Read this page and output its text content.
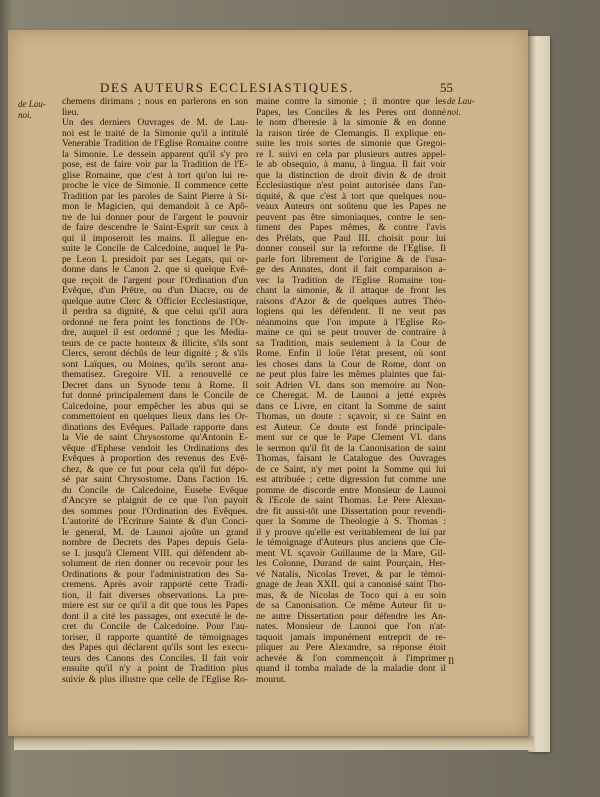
DES AUTEURS ECCLESIASTIQUES.	55
de Lau-
noi.
de Lau-
noi.
chemens dirimans ; nous en parlerons en son
lieu.
Un des derniers Ouvrages de M. de Lau-
noi est le traité de la Simonie qu'il a intitulé
Venerable Tradition de l'Eglise Romaine contre
la Simonie. Le dessein apparent qu'il s'y pro
pose, est de faire voir par la Tradition de l'E-
glise Romaine, que c'est à tort qu'on lui re-
proche le vice de Simonie. Il commence cette
Tradition par les paroles de Saint Pierre à Si-
mon le Magicien, qui demandoit à ce Apô-
tre de lui donner pour de l'argent le pouvoir
de faire descendre le Saint-Esprit sur ceux à
qui il imposeroit les mains. Il allegue en-
suite le Concile de Calcedoine, auquel le Pa-
pe Leon I. presidoit par ses Legats, qui or-
donne dans le Canon 2. que si quelque Evê-
que reçoit de l'argent pour l'Ordination d'un
Evêque, d'un Prêtre, ou d'un Diacre, ou de
quelque autre Clerc & Officier Ecclesiastique,
il perdra sa dignité, & que celui qu'il aura
ordonné ne fera point les fonctions de l'Or-
dre, auquel il est ordonné ; que les Media-
teurs de ce pacte honteux & illicite, s'ils sont
Clercs, seront déchûs de leur dignité ; & s'ils
sont Laïques, ou Moines, qu'ils seront ana-
thematisez. Gregoire VII. a renouvellé ce
Decret dans un Synode tenu à Rome. Il
fut donné principalement dans le Concile de
Calcedoine, pour empêcher les abus qui se
commettoient en quelques lieux dans les Or-
dinations des Evêques. Pallade rapporte dans
la Vie de saint Chrysostome qu'Antonin E-
vêque d'Ephese vendoit les Ordinations des
Evêques à proportion des revenus des Evê-
chez, & que ce fut pour cela qu'il fut dépo-
sé par saint Chrysostome. Dans l'action 16.
du Concile de Calcedoine, Eusebe Evêque
d'Ancyre se plaignit de ce que l'on payoit
des sommes pour l'Ordination des Evêques.
L'autorité de l'Ecriture Sainte & d'un Conci-
le general, M. de Launoi ajoûte un grand
nombre de Decrets des Papes depuis Gela-
se I. jusqu'à Clement VIII. qui défendent ab-
solument de rien donner ou recevoir pour les
Ordinations & pour l'administration des Sa-
cremens. Après avoir rapporté cette Tradi-
tion, il fait diverses observations. La pre-
miere est sur ce qu'il a dit que tous les Papes
dont il a cité les passages, ont executé le de-
cret du Concile de Calcedoine. Pour l'au-
toriser, il rapporte quantité de témoignages
des Papes qui déclarent qu'ils sont les execu-
teurs des Canons des Conciles. Il fait voir
ensuite qu'il n'y a point de Tradition plus
suivie & plus illustre que celle de l'Eglise Ro-
maine contre la simonie ; il montre que les
Papes, les Conciles & les Peres ont donné
le nom d'heresie à la simonie & en donne
la raison tirée de Clemangis. Il explique en-
suite les trois sortes de simonie que Gregoi-
re I. suivi en cela par plusieurs autres appel-
le ab obsequio, à manu, à lingua. Il fait voir
que la distinction de droit divin & de droit
Ecclesiastique n'est point autorisée dans l'an-
tiquité, & que c'est à tort que quelques nou-
veaux Auteurs ont soûtenu que les Papes ne
peuvent pas être simoniaques, contre le sen-
timent des Papes mêmes, & contre l'avis
des Prélats, que Paul III. choisit pour lui
donner conseil sur la reforme de l'Eglise. Il
parle fort librement de l'origine & de l'usa-
ge des Annates, dont il fait comparaison a-
vec la Tradition de l'Eglise Romaine tou-
chant la simonie, & il attaque de front les
raisons d'Azor & de quelques autres Théo-
logiens qui les défendent. Il ne veut pas
néanmoins que l'on impute à l'Eglise Ro-
maine ce qui se peut trouver de contraire à
sa Tradition, mais seulement à la Cour de
Rome. Enfin il loüe l'état present, où sont
les choses dans la Cour de Rome, dont on
ne peut plus faire les mêmes plaintes que fai-
soit Adrien VI. dans son memoire au Non-
ce Cheregat. M. de Launoi a jetté exprès
dans ce Livre, en citant la Somme de saint
Thomas, un doute : sçavoir, si ce Saint en
est Auteur. Ce doute est fondé principale-
ment sur ce que le Pape Clement VI. dans
le sermon qu'il fit de la Canonisation de saint
Thomas, faisant le Catalogue des Ouvrages
de ce Saint, n'y met point la Somme qui lui
est attribuée ; cette digression fut comme une
pomme de discorde entre Monsieur de Launoi
& l'Ecole de saint Thomas. Le Pere Alexan-
dre fit aussi-tôt une Dissertation pour revendi-
quer la Somme de Theologie à S. Thomas :
il y prouve qu'elle est veritablement de lui par
le témoignage d'Auteurs plus anciens que Cle-
ment VI. sçavoir Guillaume de la Mare, Gil-
les Colonne, Durand de saint Pourçain, Her-
vé Natalis, Nicolas Trevet, & par le témoi-
gnage de Jean XXII. qui a canonisé saint Tho-
mas, & de Nicolas de Toco qui a eu soin
de sa Canonisation. Ce même Auteur fit u-
ne autre Dissertation pour défendre les An-
nates. Monsieur de Launoi que l'on n'at-
taquoit jamais impunément entreprit de re-
pliquer au Pere Alexandre, sa réponse étoit
achevée & l'on commençoit à l'imprimer
quand il tomba malade de la maladie dont il
mourut.
Il
